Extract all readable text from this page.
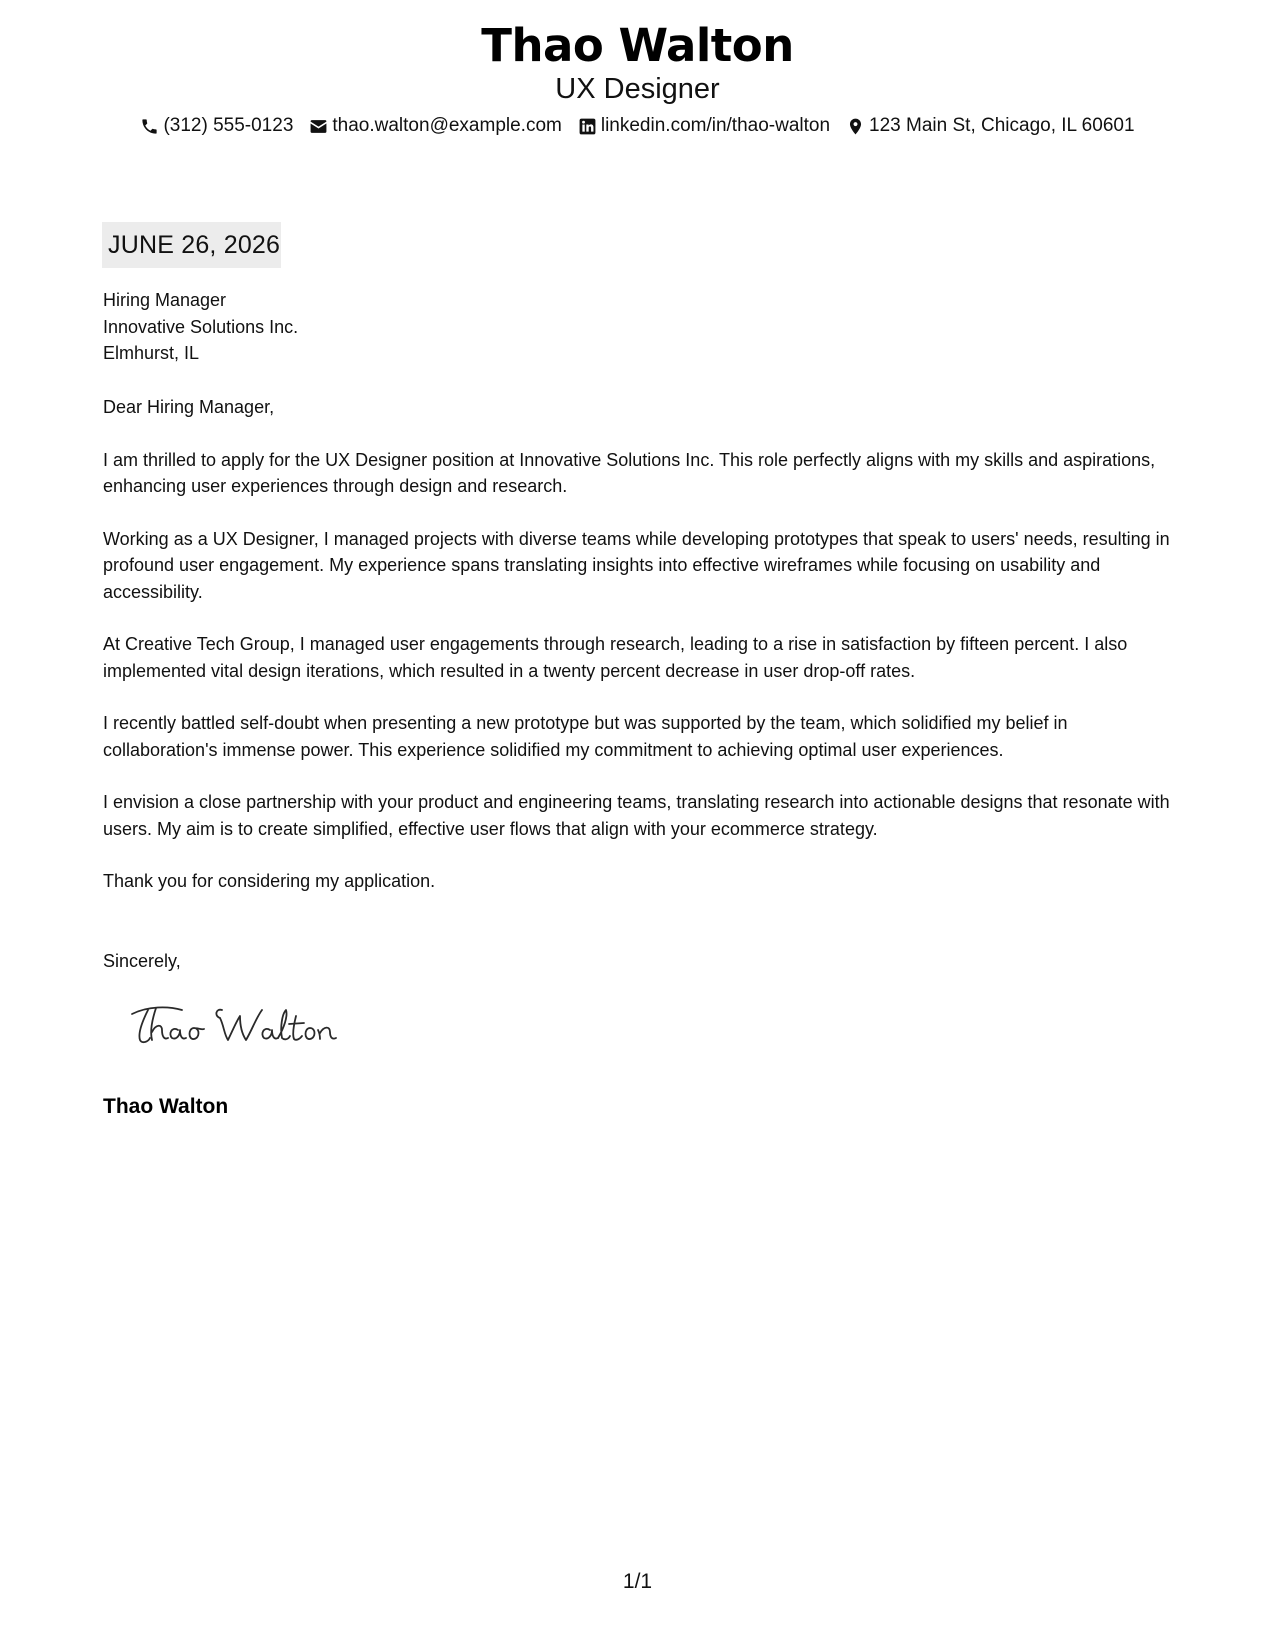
Thao Walton
UX Designer
(312) 555-0123 thao.walton@example.com linkedin.com/in/thao-walton 123 Main St, Chicago, IL 60601
JUNE 26, 2026
Hiring Manager
Innovative Solutions Inc.
Elmhurst, IL

Dear Hiring Manager,

I am thrilled to apply for the UX Designer position at Innovative Solutions Inc. This role perfectly aligns with my skills and aspirations, enhancing user experiences through design and research.

Working as a UX Designer, I managed projects with diverse teams while developing prototypes that speak to users' needs, resulting in profound user engagement. My experience spans translating insights into effective wireframes while focusing on usability and accessibility.

At Creative Tech Group, I managed user engagements through research, leading to a rise in satisfaction by fifteen percent. I also implemented vital design iterations, which resulted in a twenty percent decrease in user drop-off rates.

I recently battled self-doubt when presenting a new prototype but was supported by the team, which solidified my belief in collaboration's immense power. This experience solidified my commitment to achieving optimal user experiences.

I envision a close partnership with your product and engineering teams, translating research into actionable designs that resonate with users. My aim is to create simplified, effective user flows that align with your ecommerce strategy.

Thank you for considering my application.

Sincerely,
Thao Walton
1/1
